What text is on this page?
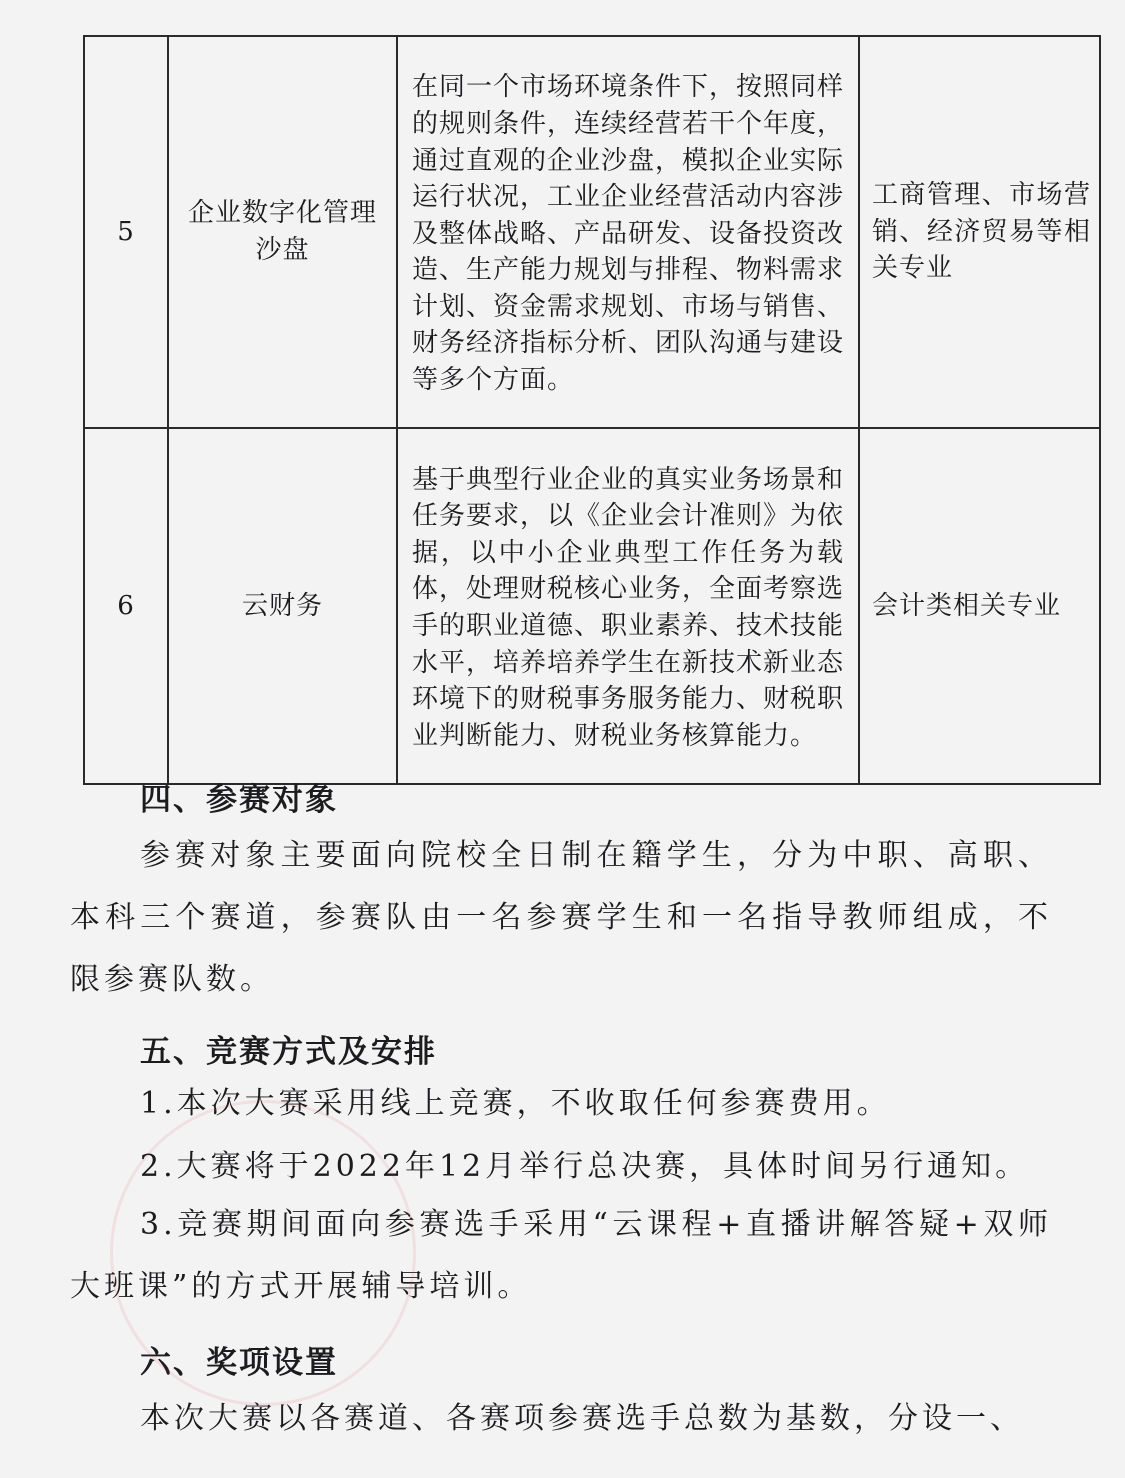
5	企业数字化管理沙盘	在同一个市场环境条件下，按照同样的规则条件，连续经营若干个年度，通过直观的企业沙盘，模拟企业实际运行状况，工业企业经营活动内容涉及整体战略、产品研发、设备投资改造、生产能力规划与排程、物料需求计划、资金需求规划、市场与销售、财务经济指标分析、团队沟通与建设等多个方面。	工商管理、市场营销、经济贸易等相关专业
6	云财务	基于典型行业企业的真实业务场景和任务要求，以《企业会计准则》为依据，以中小企业典型工作任务为载体，处理财税核心业务，全面考察选手的职业道德、职业素养、技术技能水平，培养培养学生在新技术新业态环境下的财税事务服务能力、财税职业判断能力、财税业务核算能力。	会计类相关专业
四、参赛对象

参赛对象主要面向院校全日制在籍学生，分为中职、高职、本科三个赛道，参赛队由一名参赛学生和一名指导教师组成，不限参赛队数。

五、竞赛方式及安排

1.本次大赛采用线上竞赛，不收取任何参赛费用。

2.大赛将于2022年12月举行总决赛，具体时间另行通知。

3.竞赛期间面向参赛选手采用“云课程+直播讲解答疑+双师大班课”的方式开展辅导培训。

六、奖项设置

本次大赛以各赛道、各赛项参赛选手总数为基数，分设一、
